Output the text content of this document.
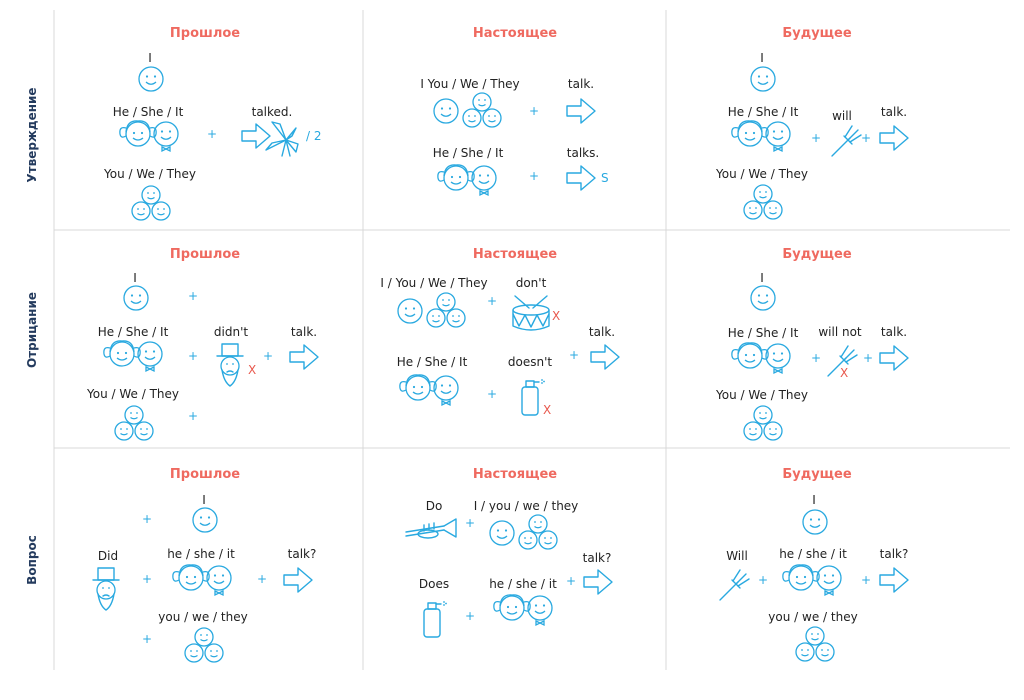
Утверждение
Отрицание
Вопрос
Прошлое
I
He / She / It
+
talked.
/ 2
You / We / They
Настоящее
I You / We / They
+
talk.
He / She / It
+
talks.
S
Будущее
I
He / She / It
+
will
+
talk.
You / We / They
Прошлое
I
+
He / She / It
+
didn't
X
+
talk.
You / We / They
+
Настоящее
I / You / We / They
+
don't
X
+
talk.
He / She / It
+
doesn't
X
Будущее
I
He / She / It
+
will not
X
+
talk.
You / We / They
Прошлое
+
I
Did
+
he / she / it
+
talk?
you / we / they
+
Настоящее
Do
+
I / you / we / they
talk?
+
Does
+
he / she / it
Будущее
I
Will
+
he / she / it
+
talk?
you / we / they
